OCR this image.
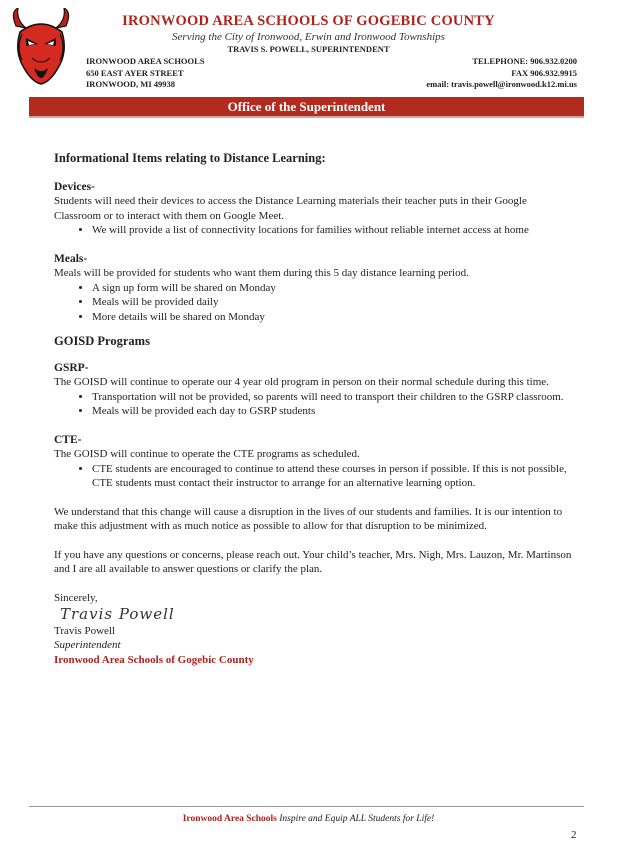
IRONWOOD AREA SCHOOLS OF GOGEBIC COUNTY
Serving the City of Ironwood, Erwin and Ironwood Townships
TRAVIS S. POWELL, SUPERINTENDENT
IRONWOOD AREA SCHOOLS
650 EAST AYER STREET
IRONWOOD, MI 49938
TELEPHONE: 906.932.0200
FAX 906.932.9915
email: travis.powell@ironwood.k12.mi.us
Office of the Superintendent

Informational Items relating to Distance Learning:

Devices-

Students will need their devices to access the Distance Learning materials their teacher puts in their Google Classroom or to interact with them on Google Meet.

• We will provide a list of connectivity locations for families without reliable internet access at home

Meals-

Meals will be provided for students who want them during this 5 day distance learning period.

• A sign up form will be shared on Monday
• Meals will be provided daily
• More details will be shared on Monday

GOISD Programs

GSRP-

The GOISD will continue to operate our 4 year old program in person on their normal schedule during this time.

• Transportation will not be provided, so parents will need to transport their children to the GSRP classroom.
• Meals will be provided each day to GSRP students

CTE-

The GOISD will continue to operate the CTE programs as scheduled.

• CTE students are encouraged to continue to attend these courses in person if possible. If this is not possible, CTE students must contact their instructor to arrange for an alternative learning option.

We understand that this change will cause a disruption in the lives of our students and families. It is our intention to make this adjustment with as much notice as possible to allow for that disruption to be minimized.

If you have any questions or concerns, please reach out. Your child’s teacher, Mrs. Nigh, Mrs. Lauzon, Mr. Martinson and I are all available to answer questions or clarify the plan.

Sincerely,

Travis Powell

Travis Powell

Superintendent

Ironwood Area Schools of Gogebic County

Ironwood Area Schools Inspire and Equip ALL Students for Life!
2
